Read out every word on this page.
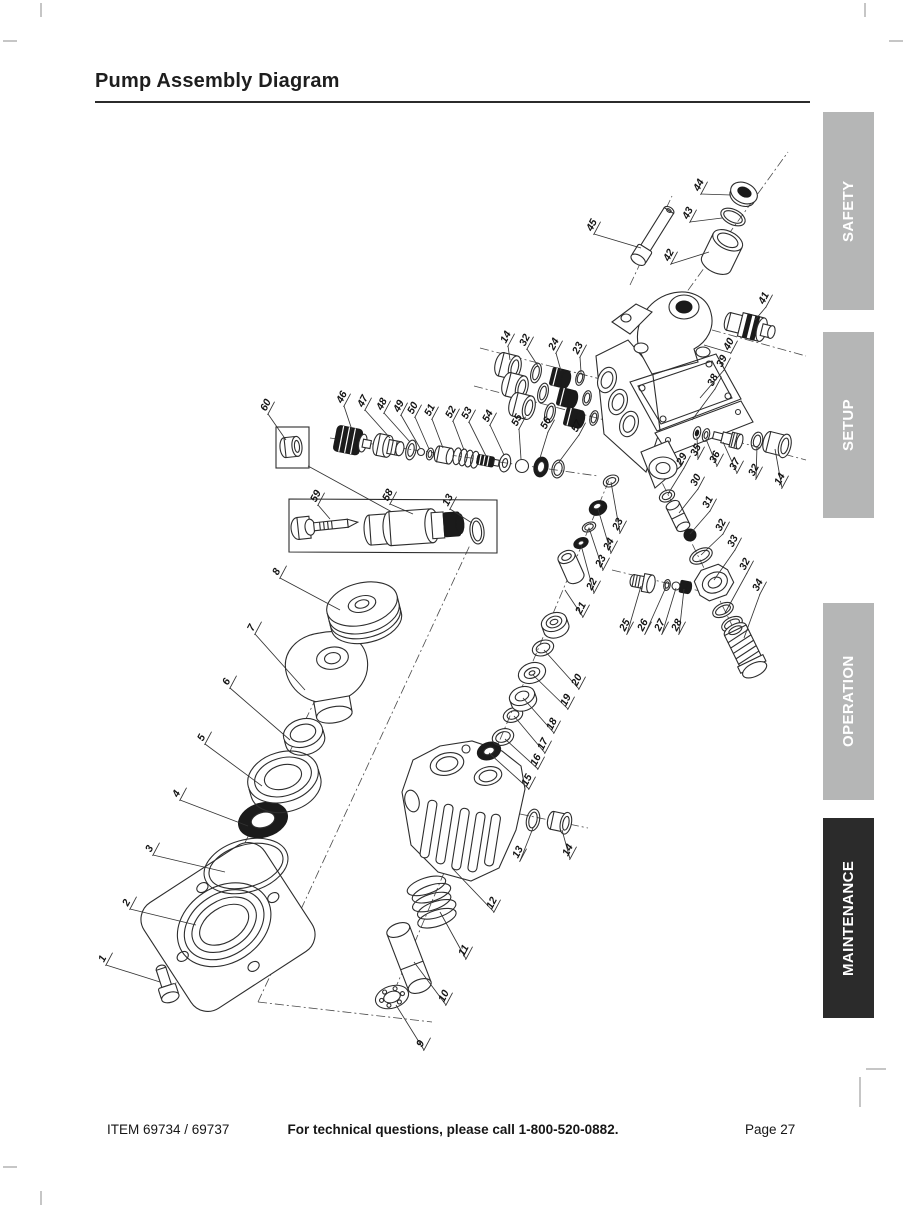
Pump Assembly Diagram
1
2
3
4
5
6
7
8
9
10
11
12
13	14
15
16
17
18
19
20
21
22
23
24
23
25 26 27 28
29
30
31
32
33
32
34
35 36 37 32
14
38
39
40
41
42
43
44
45
46 47 48 49
50 51 52 53 54 55 56 57
58
59
60
14 32 24 23
13
SAFETY
SETUP
OPERATION
MAINTENANCE
ITEM 69734 / 69737	For technical questions, please call 1-800-520-0882.	Page 27
